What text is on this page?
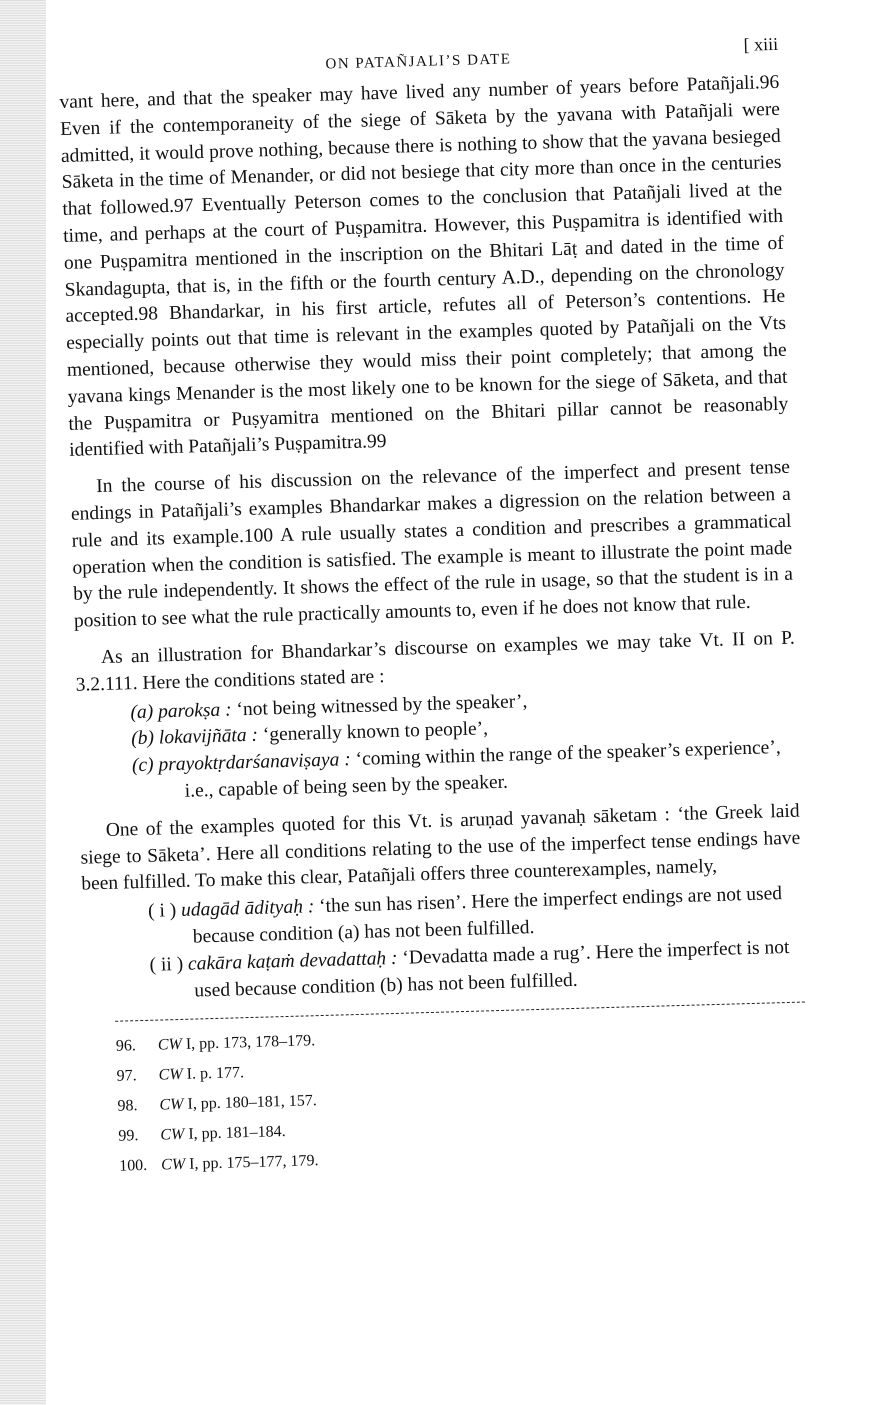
ON PATAÑJALI’S DATE
[ xiii

vant here, and that the speaker may have lived any number of years before Patañjali.96 Even if the contemporaneity of the siege of Sāketa by the yavana with Patañjali were admitted, it would prove nothing, because there is nothing to show that the yavana besieged Sāketa in the time of Menander, or did not besiege that city more than once in the centuries that followed.97 Eventually Peterson comes to the conclusion that Patañjali lived at the time, and perhaps at the court of Puṣpamitra. However, this Puṣpamitra is identified with one Puṣpamitra mentioned in the inscription on the Bhitari Lāṭ and dated in the time of Skandagupta, that is, in the fifth or the fourth century A.D., depending on the chronology accepted.98 Bhandarkar, in his first article, refutes all of Peterson’s contentions. He especially points out that time is relevant in the examples quoted by Patañjali on the Vts mentioned, because otherwise they would miss their point completely; that among the yavana kings Menander is the most likely one to be known for the siege of Sāketa, and that the Puṣpamitra or Puṣyamitra mentioned on the Bhitari pillar cannot be reasonably identified with Patañjali’s Puṣpamitra.99

In the course of his discussion on the relevance of the imperfect and present tense endings in Patañjali’s examples Bhandarkar makes a digression on the relation between a rule and its example.100 A rule usually states a condition and prescribes a grammatical operation when the condition is satisfied. The example is meant to illustrate the point made by the rule independently. It shows the effect of the rule in usage, so that the student is in a position to see what the rule practically amounts to, even if he does not know that rule.

As an illustration for Bhandarkar’s discourse on examples we may take Vt. II on P. 3.2.111. Here the conditions stated are :

(a) parokṣa : ‘not being witnessed by the speaker’,
(b) lokavijñāta : ‘generally known to people’,
(c) prayoktṛdarśanaviṣaya : ‘coming within the range of the speaker’s experience’, i.e., capable of being seen by the speaker.

One of the examples quoted for this Vt. is aruṇad yavanaḥ sāketam : ‘the Greek laid siege to Sāketa’. Here all conditions relating to the use of the imperfect tense endings have been fulfilled. To make this clear, Patañjali offers three counterexamples, namely,

( i ) udagād ādityaḥ : ‘the sun has risen’. Here the imperfect endings are not used because condition (a) has not been fulfilled.
( ii ) cakāra kaṭaṁ devadattaḥ : ‘Devadatta made a rug’. Here the imperfect is not used because condition (b) has not been fulfilled.
96. CW I, pp. 173, 178–179.
97. CW I. p. 177.
98. CW I, pp. 180–181, 157.
99. CW I, pp. 181–184.
100. CW I, pp. 175–177, 179.
